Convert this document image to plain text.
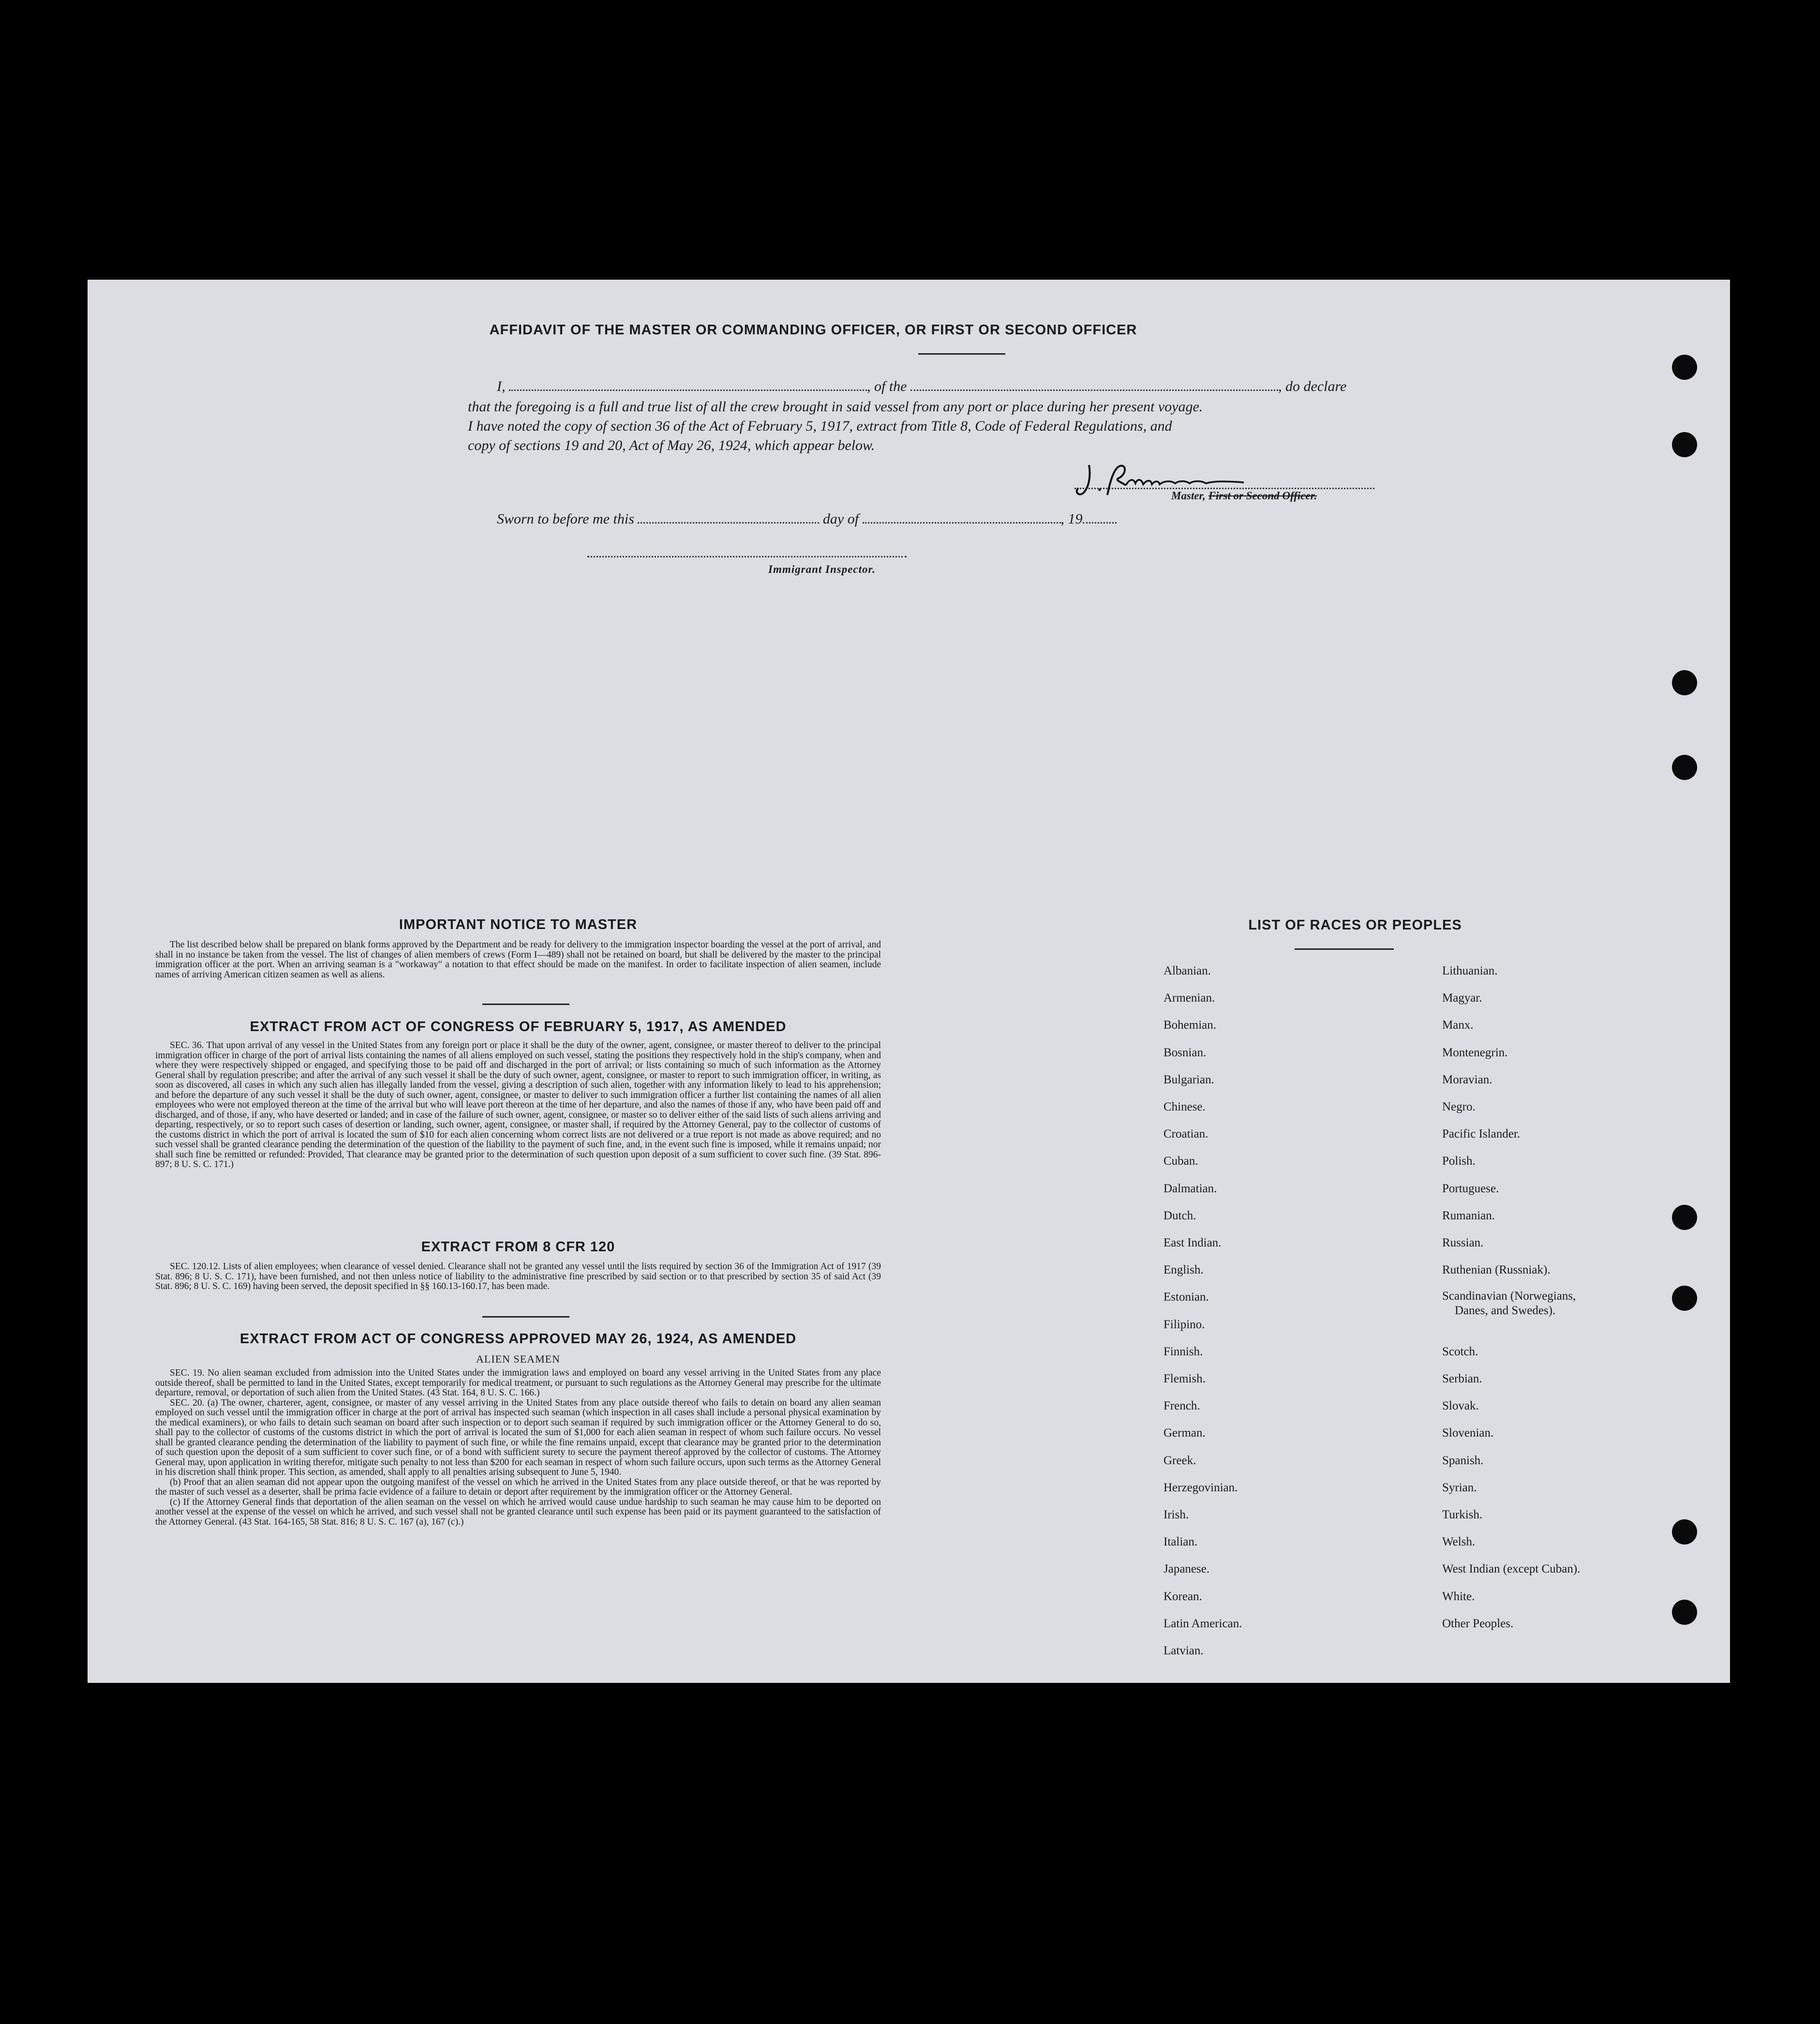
AFFIDAVIT OF THE MASTER OR COMMANDING OFFICER, OR FIRST OR SECOND OFFICER
I,	, of the	, do declare
that the foregoing is a full and true list of all the crew brought in said vessel from any port or place during her present voyage.
I have noted the copy of section 36 of the Act of February 5, 1917, extract from Title 8, Code of Federal Regulations, and
copy of sections 19 and 20, Act of May 26, 1924, which appear below.
Master, First or Second Officer.
Sworn to before me this	day of	, 19
Immigrant Inspector.
IMPORTANT NOTICE TO MASTER
The list described below shall be prepared on blank forms approved by the Department and be ready for delivery to the immigration inspector boarding the vessel at the port of arrival, and shall in no instance be taken from the vessel. The list of changes of alien members of crews (Form I—489) shall not be retained on board, but shall be delivered by the master to the principal immigration officer at the port. When an arriving seaman is a "workaway" a notation to that effect should be made on the manifest. In order to facilitate inspection of alien seamen, include names of arriving American citizen seamen as well as aliens.
EXTRACT FROM ACT OF CONGRESS OF FEBRUARY 5, 1917, AS AMENDED
SEC. 36. That upon arrival of any vessel in the United States from any foreign port or place it shall be the duty of the owner, agent, consignee, or master thereof to deliver to the principal immigration officer in charge of the port of arrival lists containing the names of all aliens employed on such vessel, stating the positions they respectively hold in the ship's company, when and where they were respectively shipped or engaged, and specifying those to be paid off and discharged in the port of arrival; or lists containing so much of such information as the Attorney General shall by regulation prescribe; and after the arrival of any such vessel it shall be the duty of such owner, agent, consignee, or master to report to such immigration officer, in writing, as soon as discovered, all cases in which any such alien has illegally landed from the vessel, giving a description of such alien, together with any information likely to lead to his apprehension; and before the departure of any such vessel it shall be the duty of such owner, agent, consignee, or master to deliver to such immigration officer a further list containing the names of all alien employees who were not employed thereon at the time of the arrival but who will leave port thereon at the time of her departure, and also the names of those if any, who have been paid off and discharged, and of those, if any, who have deserted or landed; and in case of the failure of such owner, agent, consignee, or master so to deliver either of the said lists of such aliens arriving and departing, respectively, or so to report such cases of desertion or landing, such owner, agent, consignee, or master shall, if required by the Attorney General, pay to the collector of customs of the customs district in which the port of arrival is located the sum of $10 for each alien concerning whom correct lists are not delivered or a true report is not made as above required; and no such vessel shall be granted clearance pending the determination of the question of the liability to the payment of such fine, and, in the event such fine is imposed, while it remains unpaid; nor shall such fine be remitted or refunded: Provided, That clearance may be granted prior to the determination of such question upon deposit of a sum sufficient to cover such fine. (39 Stat. 896-897; 8 U. S. C. 171.)
EXTRACT FROM 8 CFR 120
SEC. 120.12. Lists of alien employees; when clearance of vessel denied. Clearance shall not be granted any vessel until the lists required by section 36 of the Immigration Act of 1917 (39 Stat. 896; 8 U. S. C. 171), have been furnished, and not then unless notice of liability to the administrative fine prescribed by said section or to that prescribed by section 35 of said Act (39 Stat. 896; 8 U. S. C. 169) having been served, the deposit specified in §§ 160.13-160.17, has been made.
EXTRACT FROM ACT OF CONGRESS APPROVED MAY 26, 1924, AS AMENDED
ALIEN SEAMEN
SEC. 19. No alien seaman excluded from admission into the United States under the immigration laws and employed on board any vessel arriving in the United States from any place outside thereof, shall be permitted to land in the United States, except temporarily for medical treatment, or pursuant to such regulations as the Attorney General may prescribe for the ultimate departure, removal, or deportation of such alien from the United States. (43 Stat. 164, 8 U. S. C. 166.)
SEC. 20. (a) The owner, charterer, agent, consignee, or master of any vessel arriving in the United States from any place outside thereof who fails to detain on board any alien seaman employed on such vessel until the immigration officer in charge at the port of arrival has inspected such seaman (which inspection in all cases shall include a personal physical examination by the medical examiners), or who fails to detain such seaman on board after such inspection or to deport such seaman if required by such immigration officer or the Attorney General to do so, shall pay to the collector of customs of the customs district in which the port of arrival is located the sum of $1,000 for each alien seaman in respect of whom such failure occurs. No vessel shall be granted clearance pending the determination of the liability to payment of such fine, or while the fine remains unpaid, except that clearance may be granted prior to the determination of such question upon the deposit of a sum sufficient to cover such fine, or of a bond with sufficient surety to secure the payment thereof approved by the collector of customs. The Attorney General may, upon application in writing therefor, mitigate such penalty to not less than $200 for each seaman in respect of whom such failure occurs, upon such terms as the Attorney General in his discretion shall think proper. This section, as amended, shall apply to all penalties arising subsequent to June 5, 1940.
(b) Proof that an alien seaman did not appear upon the outgoing manifest of the vessel on which he arrived in the United States from any place outside thereof, or that he was reported by the master of such vessel as a deserter, shall be prima facie evidence of a failure to detain or deport after requirement by the immigration officer or the Attorney General.
(c) If the Attorney General finds that deportation of the alien seaman on the vessel on which he arrived would cause undue hardship to such seaman he may cause him to be deported on another vessel at the expense of the vessel on which he arrived, and such vessel shall not be granted clearance until such expense has been paid or its payment guaranteed to the satisfaction of the Attorney General. (43 Stat. 164-165, 58 Stat. 816; 8 U. S. C. 167 (a), 167 (c).)
LIST OF RACES OR PEOPLES
Albanian.
Armenian.
Bohemian.
Bosnian.
Bulgarian.
Chinese.
Croatian.
Cuban.
Dalmatian.
Dutch.
East Indian.
English.
Estonian.
Filipino.
Finnish.
Flemish.
French.
German.
Greek.
Herzegovinian.
Irish.
Italian.
Japanese.
Korean.
Latin American.
Latvian.
Lithuanian.
Magyar.
Manx.
Montenegrin.
Moravian.
Negro.
Pacific Islander.
Polish.
Portuguese.
Rumanian.
Russian.
Ruthenian (Russniak).
Scandinavian (Norwegians,
Danes, and Swedes).
Scotch.
Serbian.
Slovak.
Slovenian.
Spanish.
Syrian.
Turkish.
Welsh.
West Indian (except Cuban).
White.
Other Peoples.
